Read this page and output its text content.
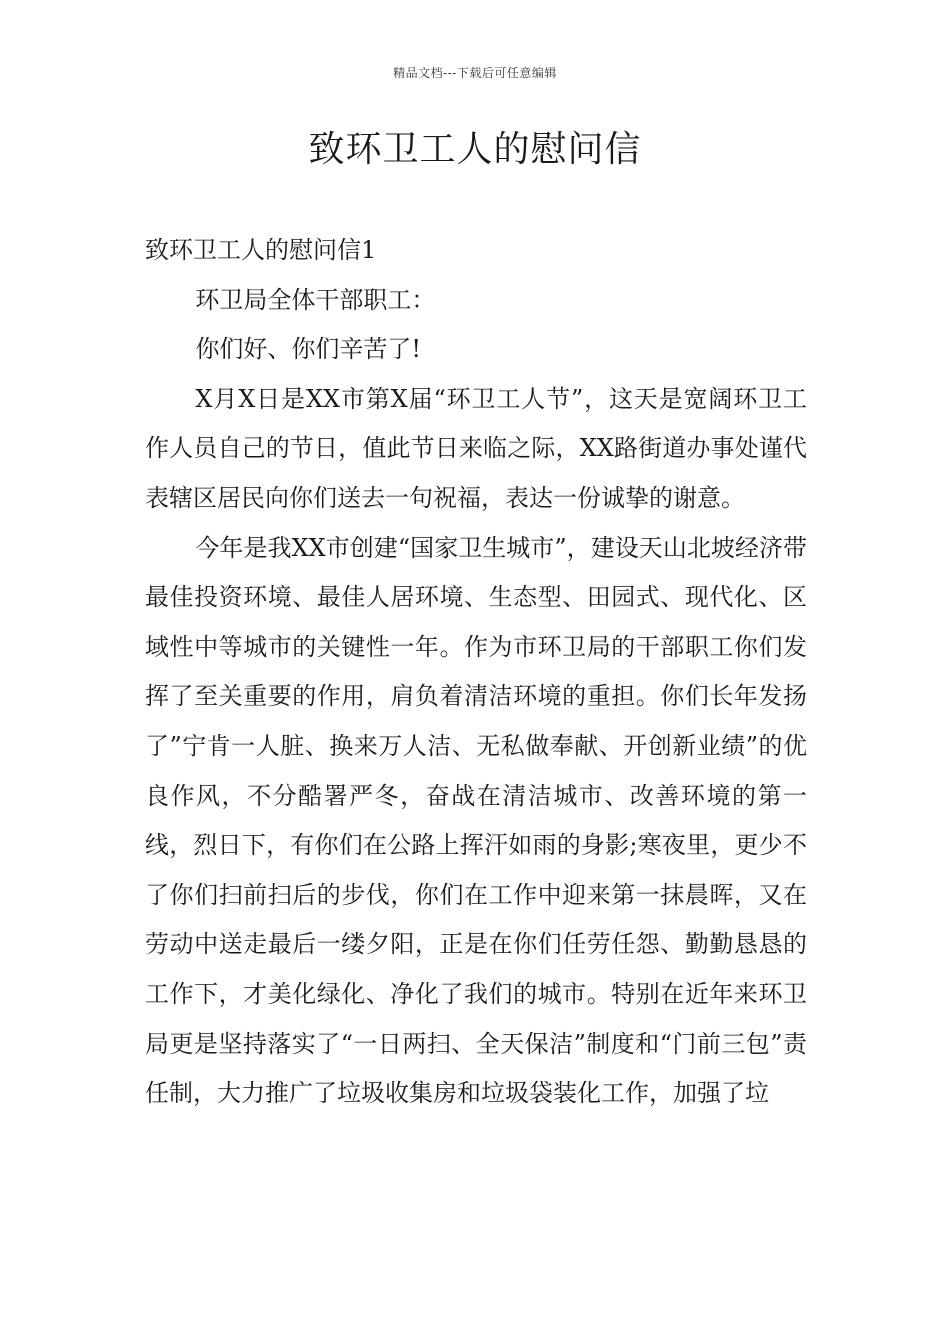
精品文档---下载后可任意编辑
致环卫工人的慰问信

致环卫工人的慰问信1

环卫局全体干部职工：

你们好、你们辛苦了!

X月X日是XX市第X届“环卫工人节”，这天是宽阔环卫工作人员自己的节日，值此节日来临之际，XX路街道办事处谨代表辖区居民向你们送去一句祝福，表达一份诚挚的谢意。

今年是我XX市创建“国家卫生城市”，建设天山北坡经济带最佳投资环境、最佳人居环境、生态型、田园式、现代化、区域性中等城市的关键性一年。作为市环卫局的干部职工你们发挥了至关重要的作用，肩负着清洁环境的重担。你们长年发扬了”宁肯一人脏、换来万人洁、无私做奉献、开创新业绩”的优良作风，不分酷署严冬，奋战在清洁城市、改善环境的第一线，烈日下，有你们在公路上挥汗如雨的身影;寒夜里，更少不了你们扫前扫后的步伐，你们在工作中迎来第一抹晨晖，又在劳动中送走最后一缕夕阳，正是在你们任劳任怨、勤勤恳恳的工作下，才美化绿化、净化了我们的城市。特别在近年来环卫局更是坚持落实了“一日两扫、全天保洁”制度和“门前三包”责任制，大力推广了垃圾收集房和垃圾袋装化工作，加强了垃
